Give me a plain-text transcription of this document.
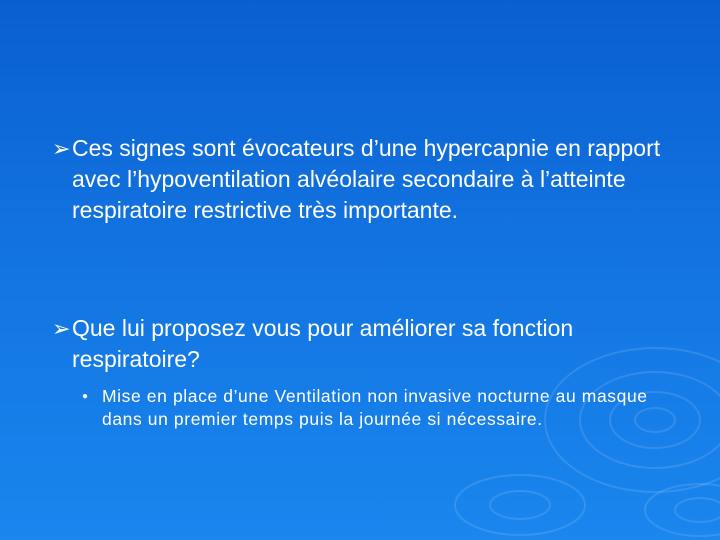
➢ Ces signes sont évocateurs d’une hypercapnie en rapport avec l’hypoventilation alvéolaire secondaire à l’atteinte respiratoire restrictive très importante.
➢ Que lui proposez vous pour améliorer sa fonction respiratoire?
● Mise en place d’une Ventilation non invasive nocturne au masque dans un premier temps puis la journée si nécessaire.
